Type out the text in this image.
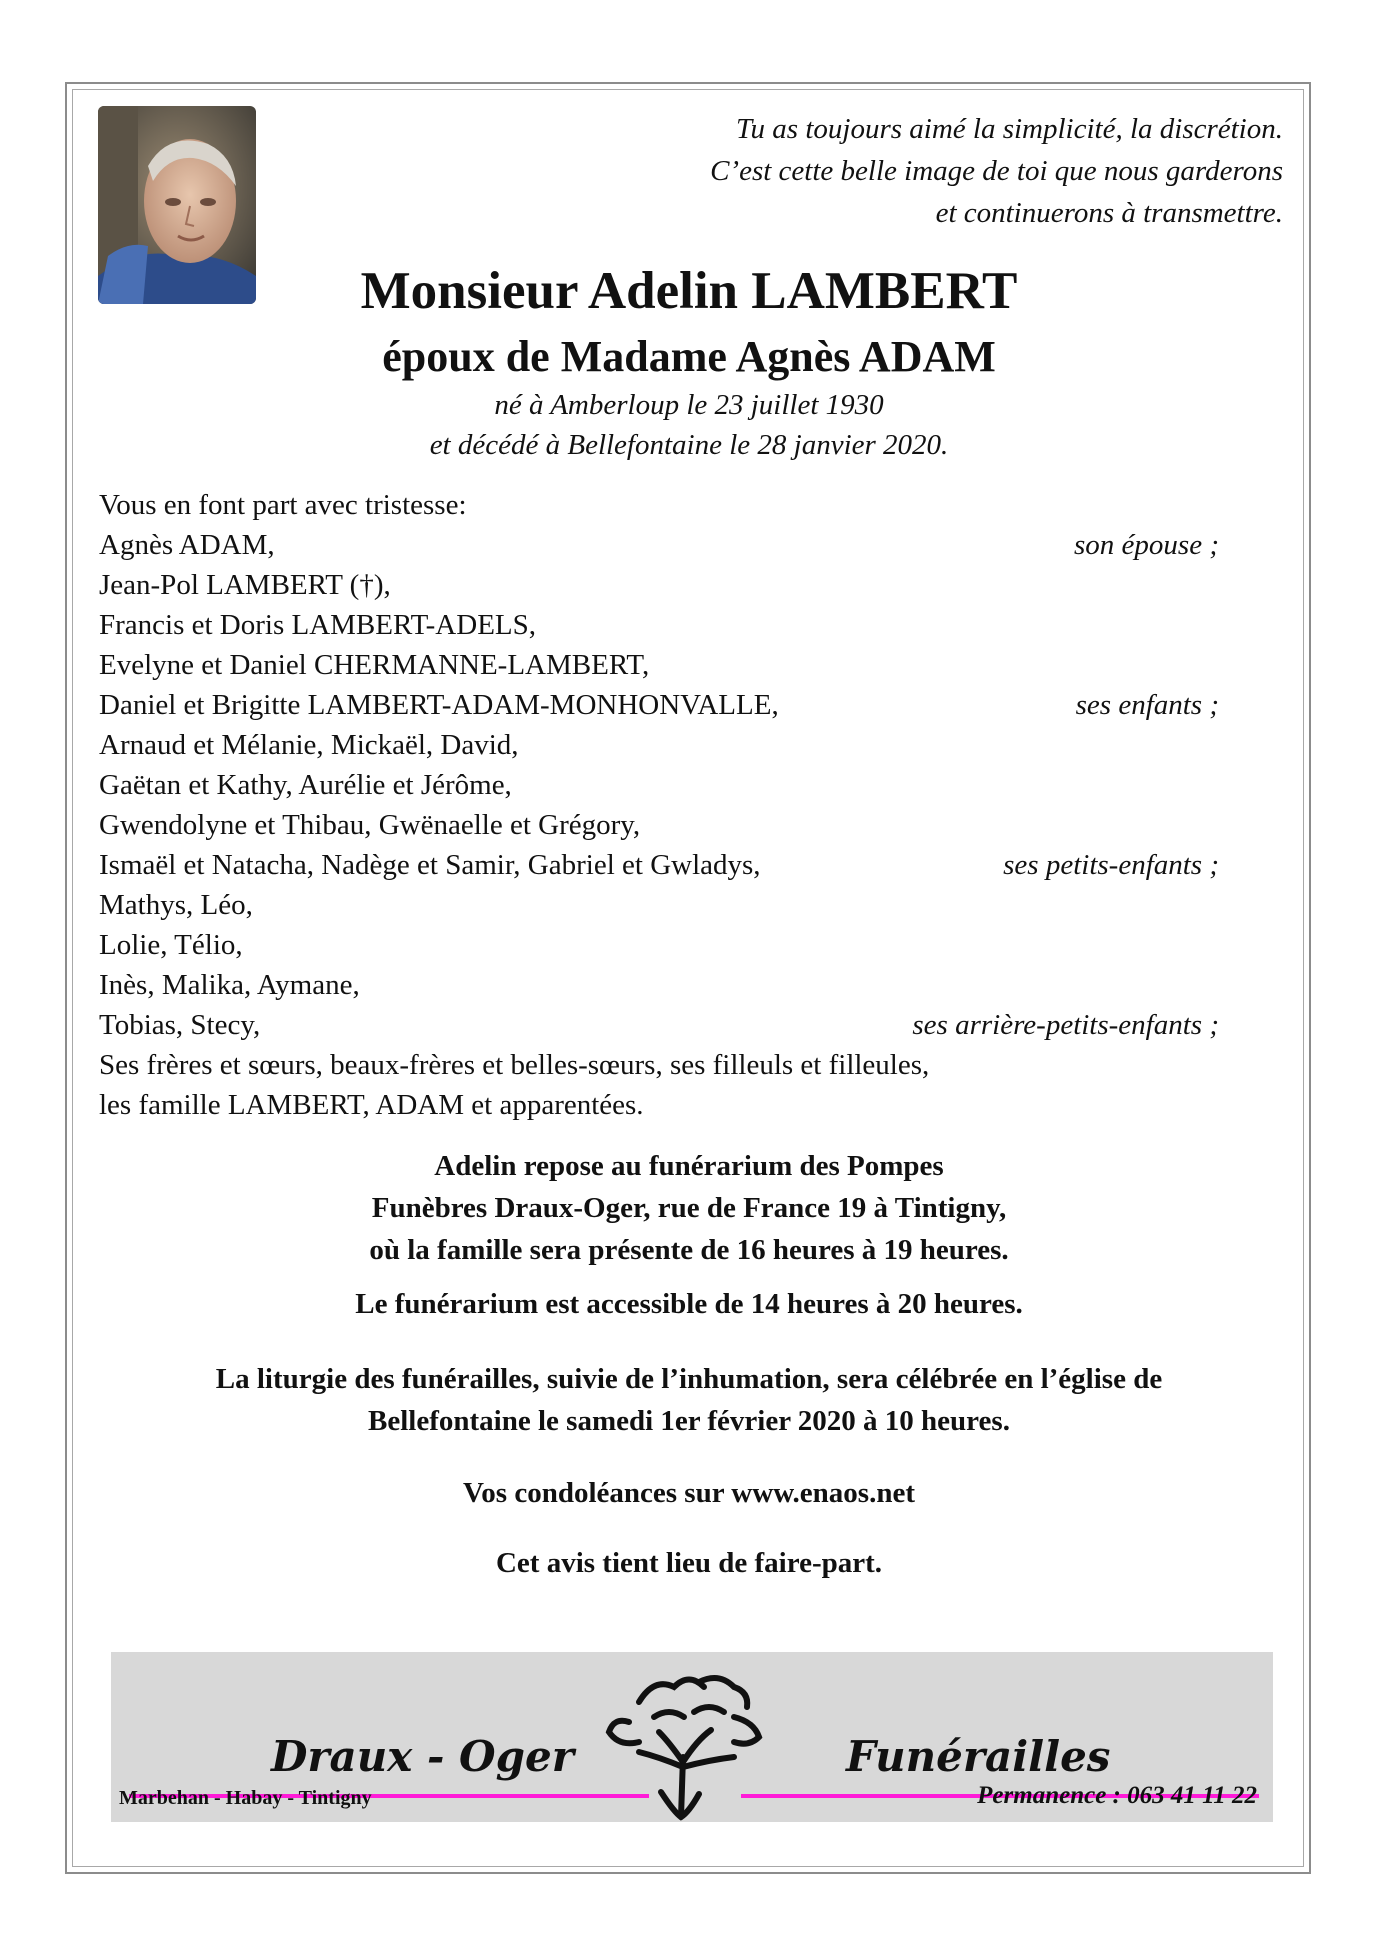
Tu as toujours aimé la simplicité, la discrétion.
C’est cette belle image de toi que nous garderons
et continuerons à transmettre.
Monsieur Adelin LAMBERT
époux de Madame Agnès ADAM
né à Amberloup le 23 juillet 1930
et décédé à Bellefontaine le 28 janvier 2020.
Vous en font part avec tristesse:
Agnès ADAM,	son épouse ;
Jean-Pol LAMBERT (†),
Francis et Doris LAMBERT-ADELS,
Evelyne et Daniel CHERMANNE-LAMBERT,
Daniel et Brigitte LAMBERT-ADAM-MONHONVALLE,	ses enfants ;
Arnaud et Mélanie, Mickaël, David,
Gaëtan et Kathy, Aurélie et Jérôme,
Gwendolyne et Thibau, Gwënaelle et Grégory,
Ismaël et Natacha, Nadège et Samir, Gabriel et Gwladys,	ses petits-enfants ;
Mathys, Léo,
Lolie, Télio,
Inès, Malika, Aymane,
Tobias, Stecy,	ses arrière-petits-enfants ;
Ses frères et sœurs, beaux-frères et belles-sœurs, ses filleuls et filleules,
les famille LAMBERT, ADAM et apparentées.
Adelin repose au funérarium des Pompes
Funèbres Draux-Oger, rue de France 19 à Tintigny,
où la famille sera présente de 16 heures à 19 heures.
Le funérarium est accessible de 14 heures à 20 heures.
La liturgie des funérailles, suivie de l’inhumation, sera célébrée en l’église de
Bellefontaine le samedi 1er février 2020 à 10 heures.
Vos condoléances sur www.enaos.net
Cet avis tient lieu de faire-part.
Draux - Oger	Funérailles
Marbehan - Habay - Tintigny	Permanence : 063 41 11 22
